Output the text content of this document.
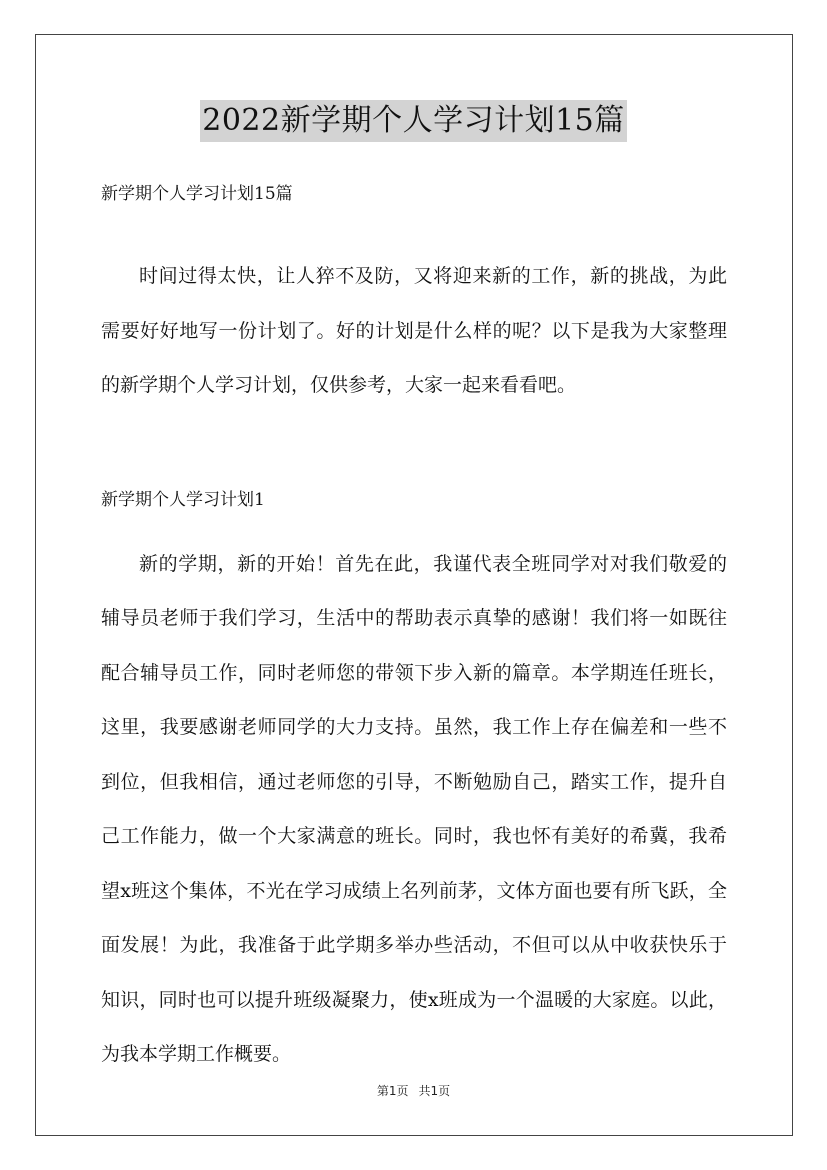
2022新学期个人学习计划15篇
新学期个人学习计划15篇

时间过得太快，让人猝不及防，又将迎来新的工作，新的挑战，为此需要好好地写一份计划了。好的计划是什么样的呢？以下是我为大家整理的新学期个人学习计划，仅供参考，大家一起来看看吧。

新学期个人学习计划1

新的学期，新的开始！首先在此，我谨代表全班同学对对我们敬爱的辅导员老师于我们学习，生活中的帮助表示真挚的感谢！我们将一如既往配合辅导员工作，同时老师您的带领下步入新的篇章。本学期连任班长，这里，我要感谢老师同学的大力支持。虽然，我工作上存在偏差和一些不到位，但我相信，通过老师您的引导，不断勉励自己，踏实工作，提升自己工作能力，做一个大家满意的班长。同时，我也怀有美好的希冀，我希望x班这个集体，不光在学习成绩上名列前茅，文体方面也要有所飞跃，全面发展！为此，我准备于此学期多举办些活动，不但可以从中收获快乐于知识，同时也可以提升班级凝聚力，使x班成为一个温暖的大家庭。以此，为我本学期工作概要。

第1页 共1页
